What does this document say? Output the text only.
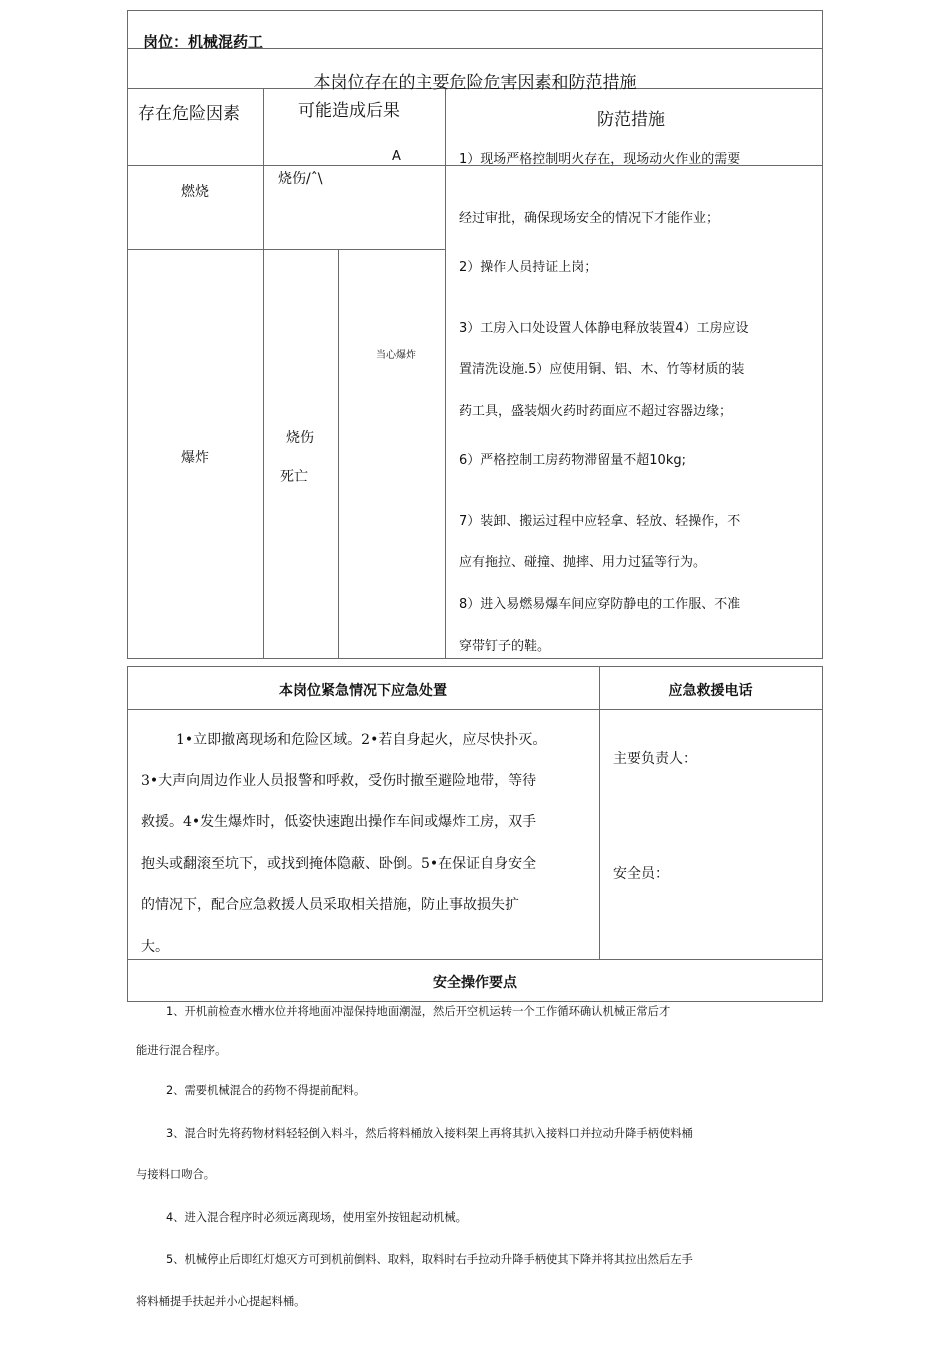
岗位：机械混药工
本岗位存在的主要危险危害因素和防范措施
存在危险因素	可能造成后果
A
防范措施
燃烧
烧伤/ˆ\
爆炸
烧伤
死亡
当心爆炸
1）现场严格控制明火存在，现场动火作业的需要
经过审批，确保现场安全的情况下才能作业；
2）操作人员持证上岗；
3）工房入口处设置人体静电释放装置4）工房应设
置清洗设施.5）应使用铜、铝、木、竹等材质的装
药工具，盛装烟火药时药面应不超过容器边缘；
6）严格控制工房药物滞留量不超10kg;
7）装卸、搬运过程中应轻拿、轻放、轻操作，不
应有拖拉、碰撞、抛摔、用力过猛等行为。
8）进入易燃易爆车间应穿防静电的工作服、不准
穿带钉子的鞋。
本岗位紧急情况下应急处置	应急救援电话
1•立即撤离现场和危险区域。2•若自身起火，应尽快扑灭。
3•大声向周边作业人员报警和呼救，受伤时撤至避险地带，等待
救援。4•发生爆炸时，低姿快速跑出操作车间或爆炸工房，双手
抱头或翻滚至坑下，或找到掩体隐蔽、卧倒。5•在保证自身安全
的情况下，配合应急救援人员采取相关措施，防止事故损失扩
大。
主要负责人：
安全员：
安全操作要点
1、开机前检查水槽水位并将地面冲湿保持地面潮湿，然后开空机运转一个工作循环确认机械正常后才
能进行混合程序。
2、需要机械混合的药物不得提前配料。
3、混合时先将药物材料轻轻倒入料斗，然后将料桶放入接料架上再将其扒入接料口并拉动升降手柄使料桶
与接料口吻合。
4、进入混合程序时必须远离现场，使用室外按钮起动机械。
5、机械停止后即红灯熄灭方可到机前倒料、取料，取料时右手拉动升降手柄使其下降并将其拉出然后左手
将料桶提手扶起并小心提起料桶。
